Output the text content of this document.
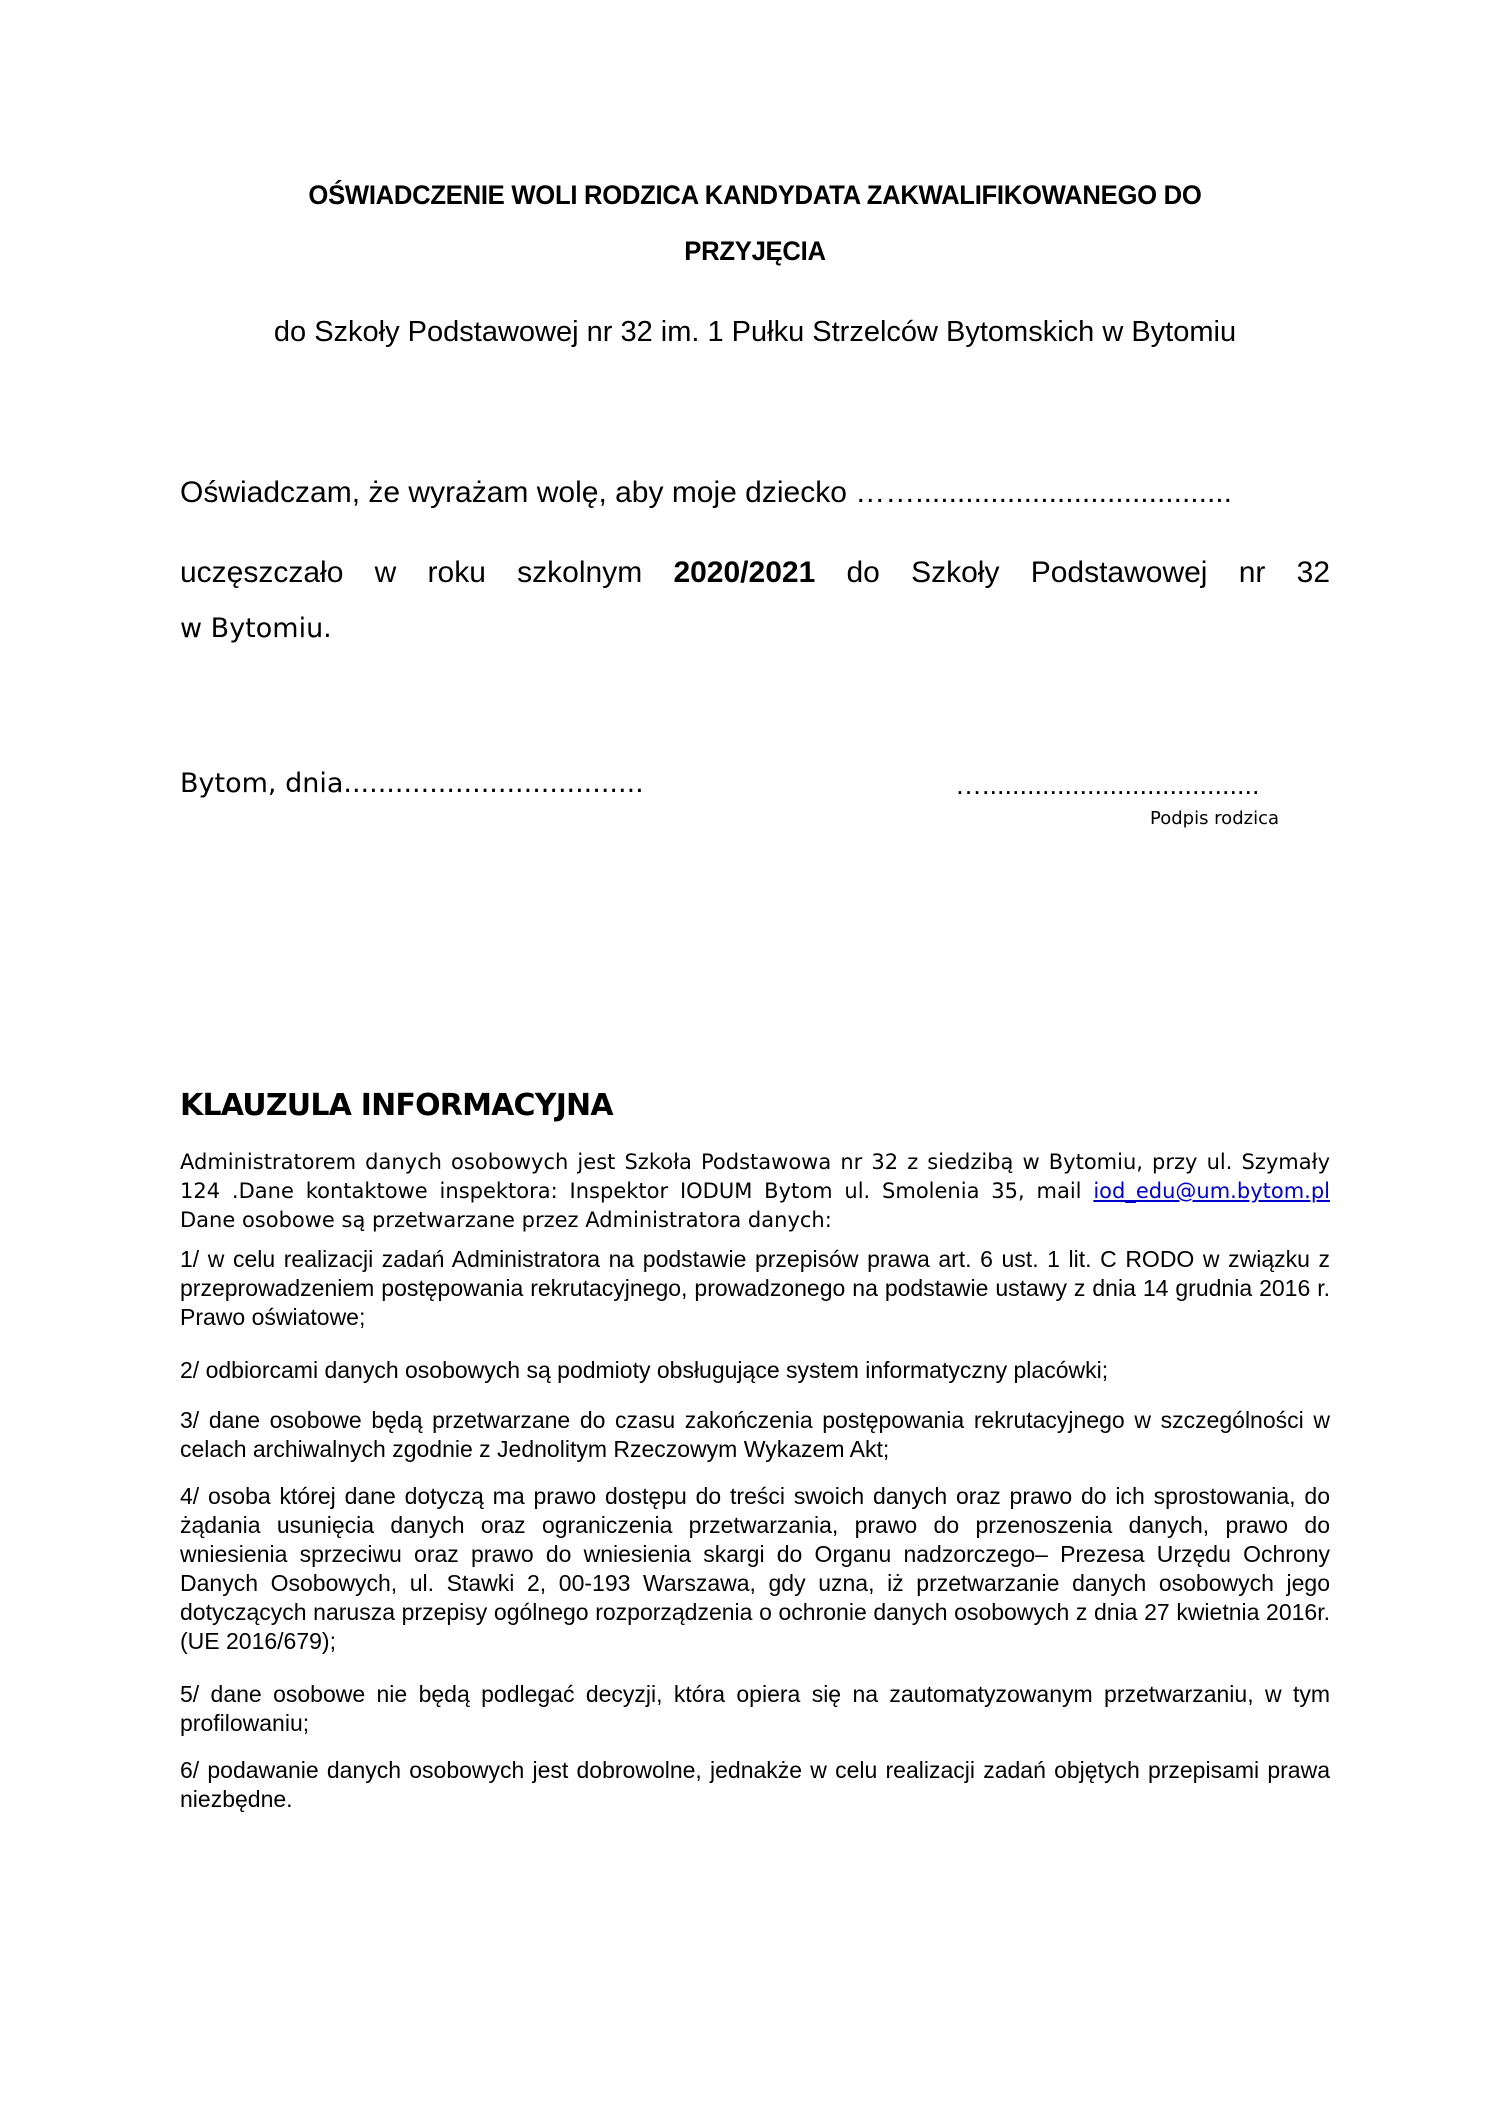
OŚWIADCZENIE WOLI RODZICA KANDYDATA ZAKWALIFIKOWANEGO DO
PRZYJĘCIA
do Szkoły Podstawowej nr 32 im. 1 Pułku Strzelców Bytomskich w Bytomiu
Oświadczam, że wyrażam wolę, aby moje dziecko ……......................................
uczęszczało w roku szkolnym 2020/2021 do Szkoły Podstawowej nr 32
w Bytomiu.
Bytom, dnia...................................	….....................................
Podpis rodzica
KLAUZULA INFORMACYJNA
Administratorem danych osobowych jest Szkoła Podstawowa nr 32 z siedzibą w Bytomiu, przy ul. Szymały 124 .Dane kontaktowe inspektora: Inspektor IODUM Bytom ul. Smolenia 35, mail iod_edu@um.bytom.pl Dane osobowe są przetwarzane przez Administratora danych:
1/ w celu realizacji zadań Administratora na podstawie przepisów prawa art. 6 ust. 1 lit. C RODO w związku z przeprowadzeniem postępowania rekrutacyjnego, prowadzonego na podstawie ustawy z dnia 14 grudnia 2016 r. Prawo oświatowe;
2/ odbiorcami danych osobowych są podmioty obsługujące system informatyczny placówki;
3/ dane osobowe będą przetwarzane do czasu zakończenia postępowania rekrutacyjnego w szczególności w celach archiwalnych zgodnie z Jednolitym Rzeczowym Wykazem Akt;
4/ osoba której dane dotyczą ma prawo dostępu do treści swoich danych oraz prawo do ich sprostowania, do żądania usunięcia danych oraz ograniczenia przetwarzania, prawo do przenoszenia danych, prawo do wniesienia sprzeciwu oraz prawo do wniesienia skargi do Organu nadzorczego– Prezesa Urzędu Ochrony Danych Osobowych, ul. Stawki 2, 00-193 Warszawa, gdy uzna, iż przetwarzanie danych osobowych jego dotyczących narusza przepisy ogólnego rozporządzenia o ochronie danych osobowych z dnia 27 kwietnia 2016r.(UE 2016/679);
5/ dane osobowe nie będą podlegać decyzji, która opiera się na zautomatyzowanym przetwarzaniu, w tym profilowaniu;
6/ podawanie danych osobowych jest dobrowolne, jednakże w celu realizacji zadań objętych przepisami prawa niezbędne.
